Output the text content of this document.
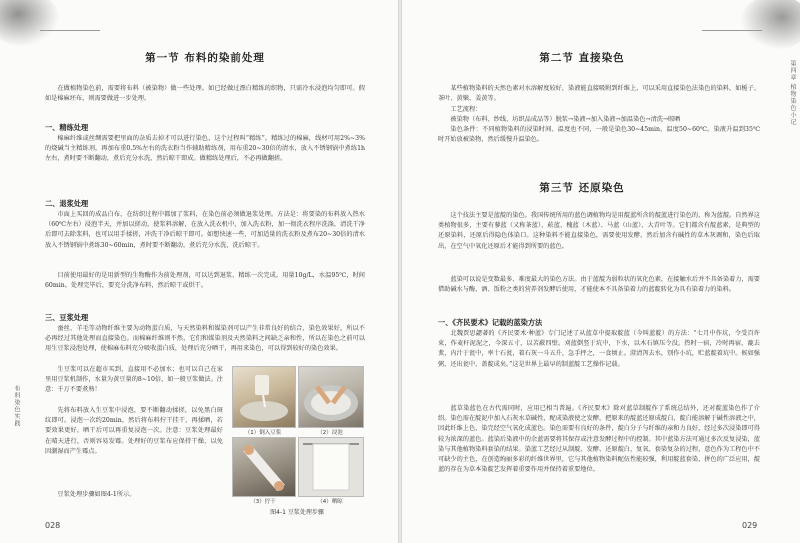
第一节 布料的染前处理

在做植物染色前，需要将布料（被染物）做一些处理。如已经做过漂白精练的织物，只需冷水浸泡均匀即可。假如是棉麻坯布，则需要做进一步处理。

一、精练处理

棉麻纤维或丝绸需要把里面的杂质去掉才可以进行染色，这个过程叫“精练”。精练过的棉麻，线材可用2%~3%的烧碱当主精练剂，再加布重0.5%左右的洗衣粉当作辅助精练剂，用布重20~30倍的清水，放入不锈钢锅中煮练1h左右，煮时要不断翻动，煮后充分水洗，然后晾干即成。做精练处理后，不必再做翻搓。

二、退浆处理

市面上买回的成品白布，在纺织过程中都加了浆料，在染色前必须做退浆处理。方法是：将要染的布料放入热水（60℃左右）浸泡半天，并加以搓动，使浆料溶解，在放入洗衣机中，加入洗衣粉，加一彻洗衣程序洗涤，清洗干净后即可去除浆料，也可以用手揉搓，冲洗干净后晾干即可。如想快速一些，可加适量的洗衣粉及煮布20~30倍的清水放入不锈钢锅中煮练30~60min，煮时要不断翻动，煮后充分水洗，洗后晾干。

目前使用最好的是用新型的生物酶作为前处理剂，可以达到退浆、精练一次完成。用量10g/L，水温95℃，时间60min。处理完毕后，要充分洗净布料，然后晾干或烘干。

三、豆浆处理

蚕丝、羊毛等动物纤维主要为动物蛋白质，与天然染料和媒染剂可以产生非常良好的结合，染色效果好，所以不必再经过其他处理而直接染色。而棉麻纤维则不然，它们和媒染剂及天然染料之间缺乏亲和性，所以在染色之前可以用生豆浆浸泡处理，使棉麻布料充分吸收蛋白质，处理后充分晒干，再用来染色，可以得到较好的染色效果。

生豆浆可以在超市买到，直接用不必加水；也可以自己在家里用豆浆机制作，水量为黄豆量的8~10倍，如一般豆浆做法。注意：千万不要煮熟！

先将布料放入生豆浆中浸泡，要不断翻动揉搓，以免黑白斑纹即可。浸泡一次约20min，然后将布料拧干挂干，再揉晒，若要效果更好，晒干后可以再重复浸泡一次。注意：豆浆处理最好在晴天进行，否则容易发霉。处理好的豆浆布应保持干燥，以免因潮湿而产生霉点。

豆浆处理步骤如图4-1所示。

（1）倒入豆浆	（2）浸泡
（3）拧干	（4）晒晾
图4-1 豆浆处理步骤
布料染色实践
028
第二节 直接染色

某些植物染料的天然色素对水溶解度较好，染液能直接吸附到纤维上，可以采用直接染色法染色的染料，如栀子、茶叶、黄檗、姜黄等。

工艺流程：

被染物（布料、纱线、坊织品成品等）脱浆→染液→加入染液→加温染色→清洗→晾晒

染色条件：不同植物染料的浸染时间、温度也不同，一般是染色30~45min，温度50~60℃。染液升温到35℃时开始放被染物，然后缓慢升温染色。

第三节 还原染色

这个技法主要是蓝靛的染色。我国传统所用的蓝色调植物均是用靛蓝所含的靛蓝进行染色的，称为蓝靛。自然界这类植物很多，主要有蓼蓝（又称茶蓝）、菘蓝、槐蓝（木蓝）、马蓝（山蓝）、大青叶等。它们都含有靛蓝素，是典型的还原染料，还原后得隐色体染口。这种染料不能直接染色，需要使用发酵，然后加含有碱性的草木灰调和，染色后取出，在空气中氧化还原后才能得到所要的蓝色。

蓝染可以说是变数最多、难度最大的染色方法。由于蓝靛为弱粒状的氧化色素，在接触水后并不具备染着力，需要借助碱水与酶、酒、饭粉之类的营养剂发酵后使用，才能使本不具备染着力的蓝靛转化为具有染着力的染料。

一、《齐民要术》记载的蓝染方法

北魏贾思勰著的《齐民要术·种蓝》专门记述了从蓝草中提取靛蓝（今叫蓝靛）的方法：“七月中作坑，令受百许束，作麦秆泥泥之，今深五寸，以苫蔽四壁。刈蓝倒竖于坑中，下水，以木石镇压令没。热时一宿，冷时再宿，漉去荄，内汁于瓮中，率十石瓮，着石灰一斗五升，急手抨之，一食顷止。澄清泻去水，别作小坑，贮蓝靛着坑中。候如强粥，还出瓮中，盖靛成矣。”这是世界上最早的制蓝靛工艺操作记载。

蓝草染蓝色在古代需同时，应用已相当普遍。《齐民要术》除对蓝草制靛作了系统总结外，还对靛蓝染色作了介绍。染色需在靛泥中加入石灰水草碱性，配成染液使之发酵，把原来的靛蓝还原成靛白，靛白能溶解于碱性溶液之中，因此纤维上色，染完经空气氧化成蓝色。染色需要有良好的条件，靛白分子与纤维的亲和力良好，经过多次浸染即可得较为浓深的蓝色。蓝染后染液中的余蓝需要将其保存或注意发酵过程中的控制。其中蓝染方法可通过多次反复浸染，蓝染与其他植物染料套染的结果。染蓝工艺经过从制靛、发酵、还原靛白、复氧、套染复杂的过程，意色作为工程色中不可缺少的主色，在创造绚丽多彩的纤维世界里，它与其他植物染料配伍性能较强，利用靛蓝套染，拼色的广泛应用，靛蓝的存在为草本染靛艺发挥着重要作用并保持着重要地位。

第四章 植物染色小记
029
